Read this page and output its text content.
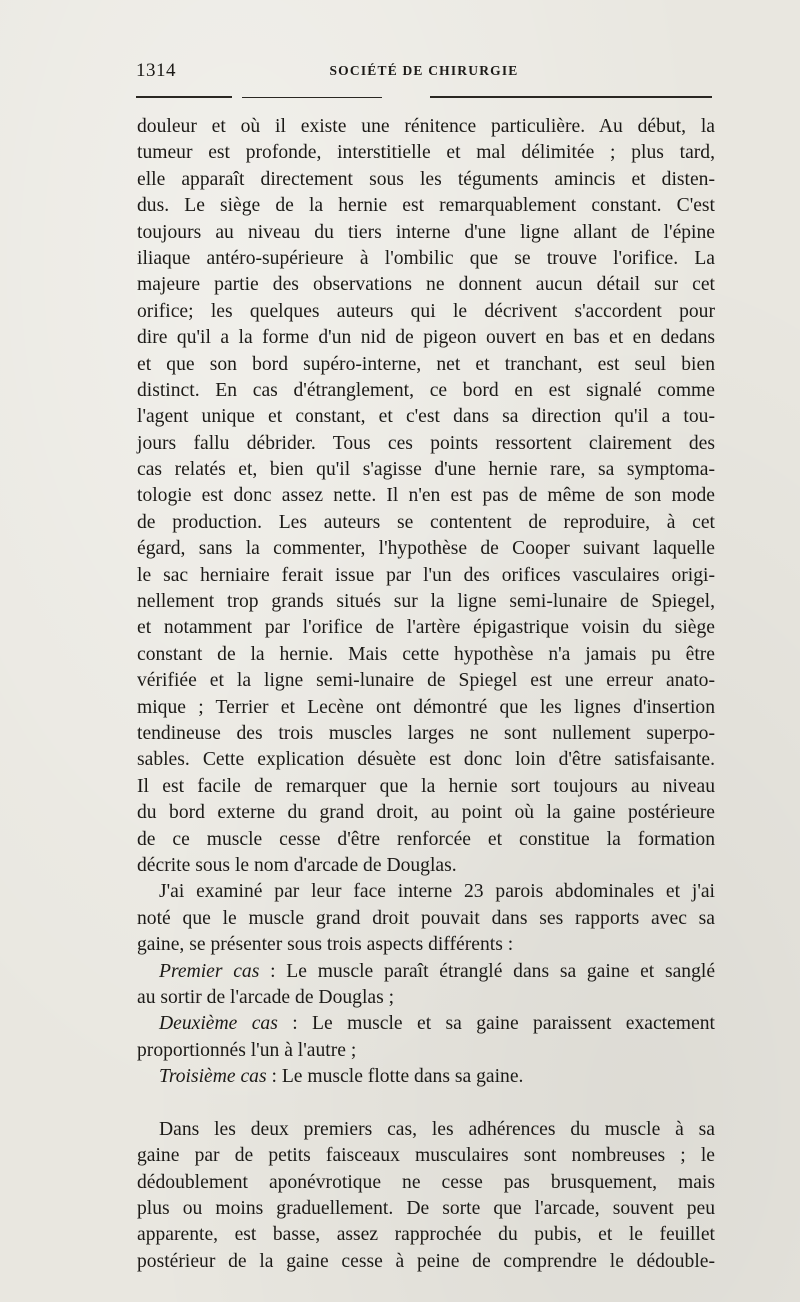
1314	SOCIÉTÉ DE CHIRURGIE
douleur et où il existe une rénitence particulière. Au début, la
tumeur est profonde, interstitielle et mal délimitée ; plus tard,
elle apparaît directement sous les téguments amincis et disten-
dus. Le siège de la hernie est remarquablement constant. C'est
toujours au niveau du tiers interne d'une ligne allant de l'épine
iliaque antéro-supérieure à l'ombilic que se trouve l'orifice. La
majeure partie des observations ne donnent aucun détail sur cet
orifice; les quelques auteurs qui le décrivent s'accordent pour
dire qu'il a la forme d'un nid de pigeon ouvert en bas et en dedans
et que son bord supéro-interne, net et tranchant, est seul bien
distinct. En cas d'étranglement, ce bord en est signalé comme
l'agent unique et constant, et c'est dans sa direction qu'il a tou-
jours fallu débrider. Tous ces points ressortent clairement des
cas relatés et, bien qu'il s'agisse d'une hernie rare, sa symptoma-
tologie est donc assez nette. Il n'en est pas de même de son mode
de production. Les auteurs se contentent de reproduire, à cet
égard, sans la commenter, l'hypothèse de Cooper suivant laquelle
le sac herniaire ferait issue par l'un des orifices vasculaires origi-
nellement trop grands situés sur la ligne semi-lunaire de Spiegel,
et notamment par l'orifice de l'artère épigastrique voisin du siège
constant de la hernie. Mais cette hypothèse n'a jamais pu être
vérifiée et la ligne semi-lunaire de Spiegel est une erreur anato-
mique ; Terrier et Lecène ont démontré que les lignes d'insertion
tendineuse des trois muscles larges ne sont nullement superpo-
sables. Cette explication désuète est donc loin d'être satisfaisante.
Il est facile de remarquer que la hernie sort toujours au niveau
du bord externe du grand droit, au point où la gaine postérieure
de ce muscle cesse d'être renforcée et constitue la formation
décrite sous le nom d'arcade de Douglas.
J'ai examiné par leur face interne 23 parois abdominales et j'ai
noté que le muscle grand droit pouvait dans ses rapports avec sa
gaine, se présenter sous trois aspects différents :
Premier cas : Le muscle paraît étranglé dans sa gaine et sanglé
au sortir de l'arcade de Douglas ;
Deuxième cas : Le muscle et sa gaine paraissent exactement
proportionnés l'un à l'autre ;
Troisième cas : Le muscle flotte dans sa gaine.
Dans les deux premiers cas, les adhérences du muscle à sa
gaine par de petits faisceaux musculaires sont nombreuses ; le
dédoublement aponévrotique ne cesse pas brusquement, mais
plus ou moins graduellement. De sorte que l'arcade, souvent peu
apparente, est basse, assez rapprochée du pubis, et le feuillet
postérieur de la gaine cesse à peine de comprendre le dédouble-
